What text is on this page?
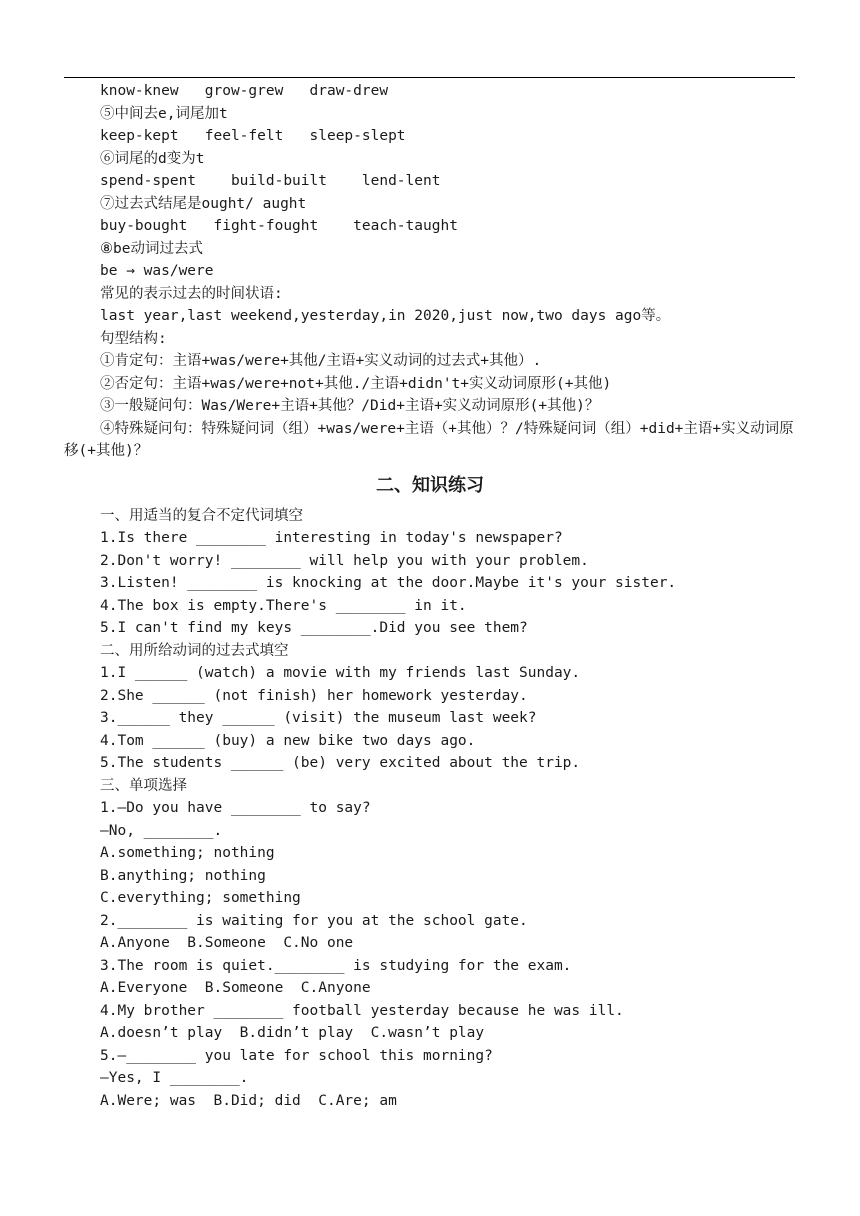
know-knew   grow-grew   draw-drew
⑤中间去e,词尾加t
keep-kept   feel-felt   sleep-slept
⑥词尾的d变为t
spend-spent    build-built    lend-lent
⑦过去式结尾是ought/ aught
buy-bought   fight-fought    teach-taught
⑧be动词过去式
be → was/were
常见的表示过去的时间状语:
last year,last weekend,yesterday,in 2020,just now,two days ago等。
句型结构:
①肯定句：主语+was/were+其他/主语+实义动词的过去式+其他）.
②否定句：主语+was/were+not+其他./主语+didn't+实义动词原形(+其他)
③一般疑问句：Was/Were+主语+其他？/Did+主语+实义动词原形(+其他)？
④特殊疑问句：特殊疑问词（组）+was/were+主语（+其他）？/特殊疑问词（组）+did+主语+实义动词原移(+其他)？
二、知识练习
一、用适当的复合不定代词填空
1.Is there ________ interesting in today's newspaper?
2.Don't worry! ________ will help you with your problem.
3.Listen! ________ is knocking at the door.Maybe it's your sister.
4.The box is empty.There's ________ in it.
5.I can't find my keys ________.Did you see them?
二、用所给动词的过去式填空
1.I ______ (watch) a movie with my friends last Sunday.
2.She ______ (not finish) her homework yesterday.
3.______ they ______ (visit) the museum last week?
4.Tom ______ (buy) a new bike two days ago.
5.The students ______ (be) very excited about the trip.
三、单项选择
1.—Do you have ________ to say?
—No, ________.
A.something; nothing
B.anything; nothing
C.everything; something
2.________ is waiting for you at the school gate.
A.Anyone  B.Someone  C.No one
3.The room is quiet.________ is studying for the exam.
A.Everyone  B.Someone  C.Anyone
4.My brother ________ football yesterday because he was ill.
A.doesn’t play  B.didn’t play  C.wasn’t play
5.—________ you late for school this morning?
—Yes, I ________.
A.Were; was  B.Did; did  C.Are; am
